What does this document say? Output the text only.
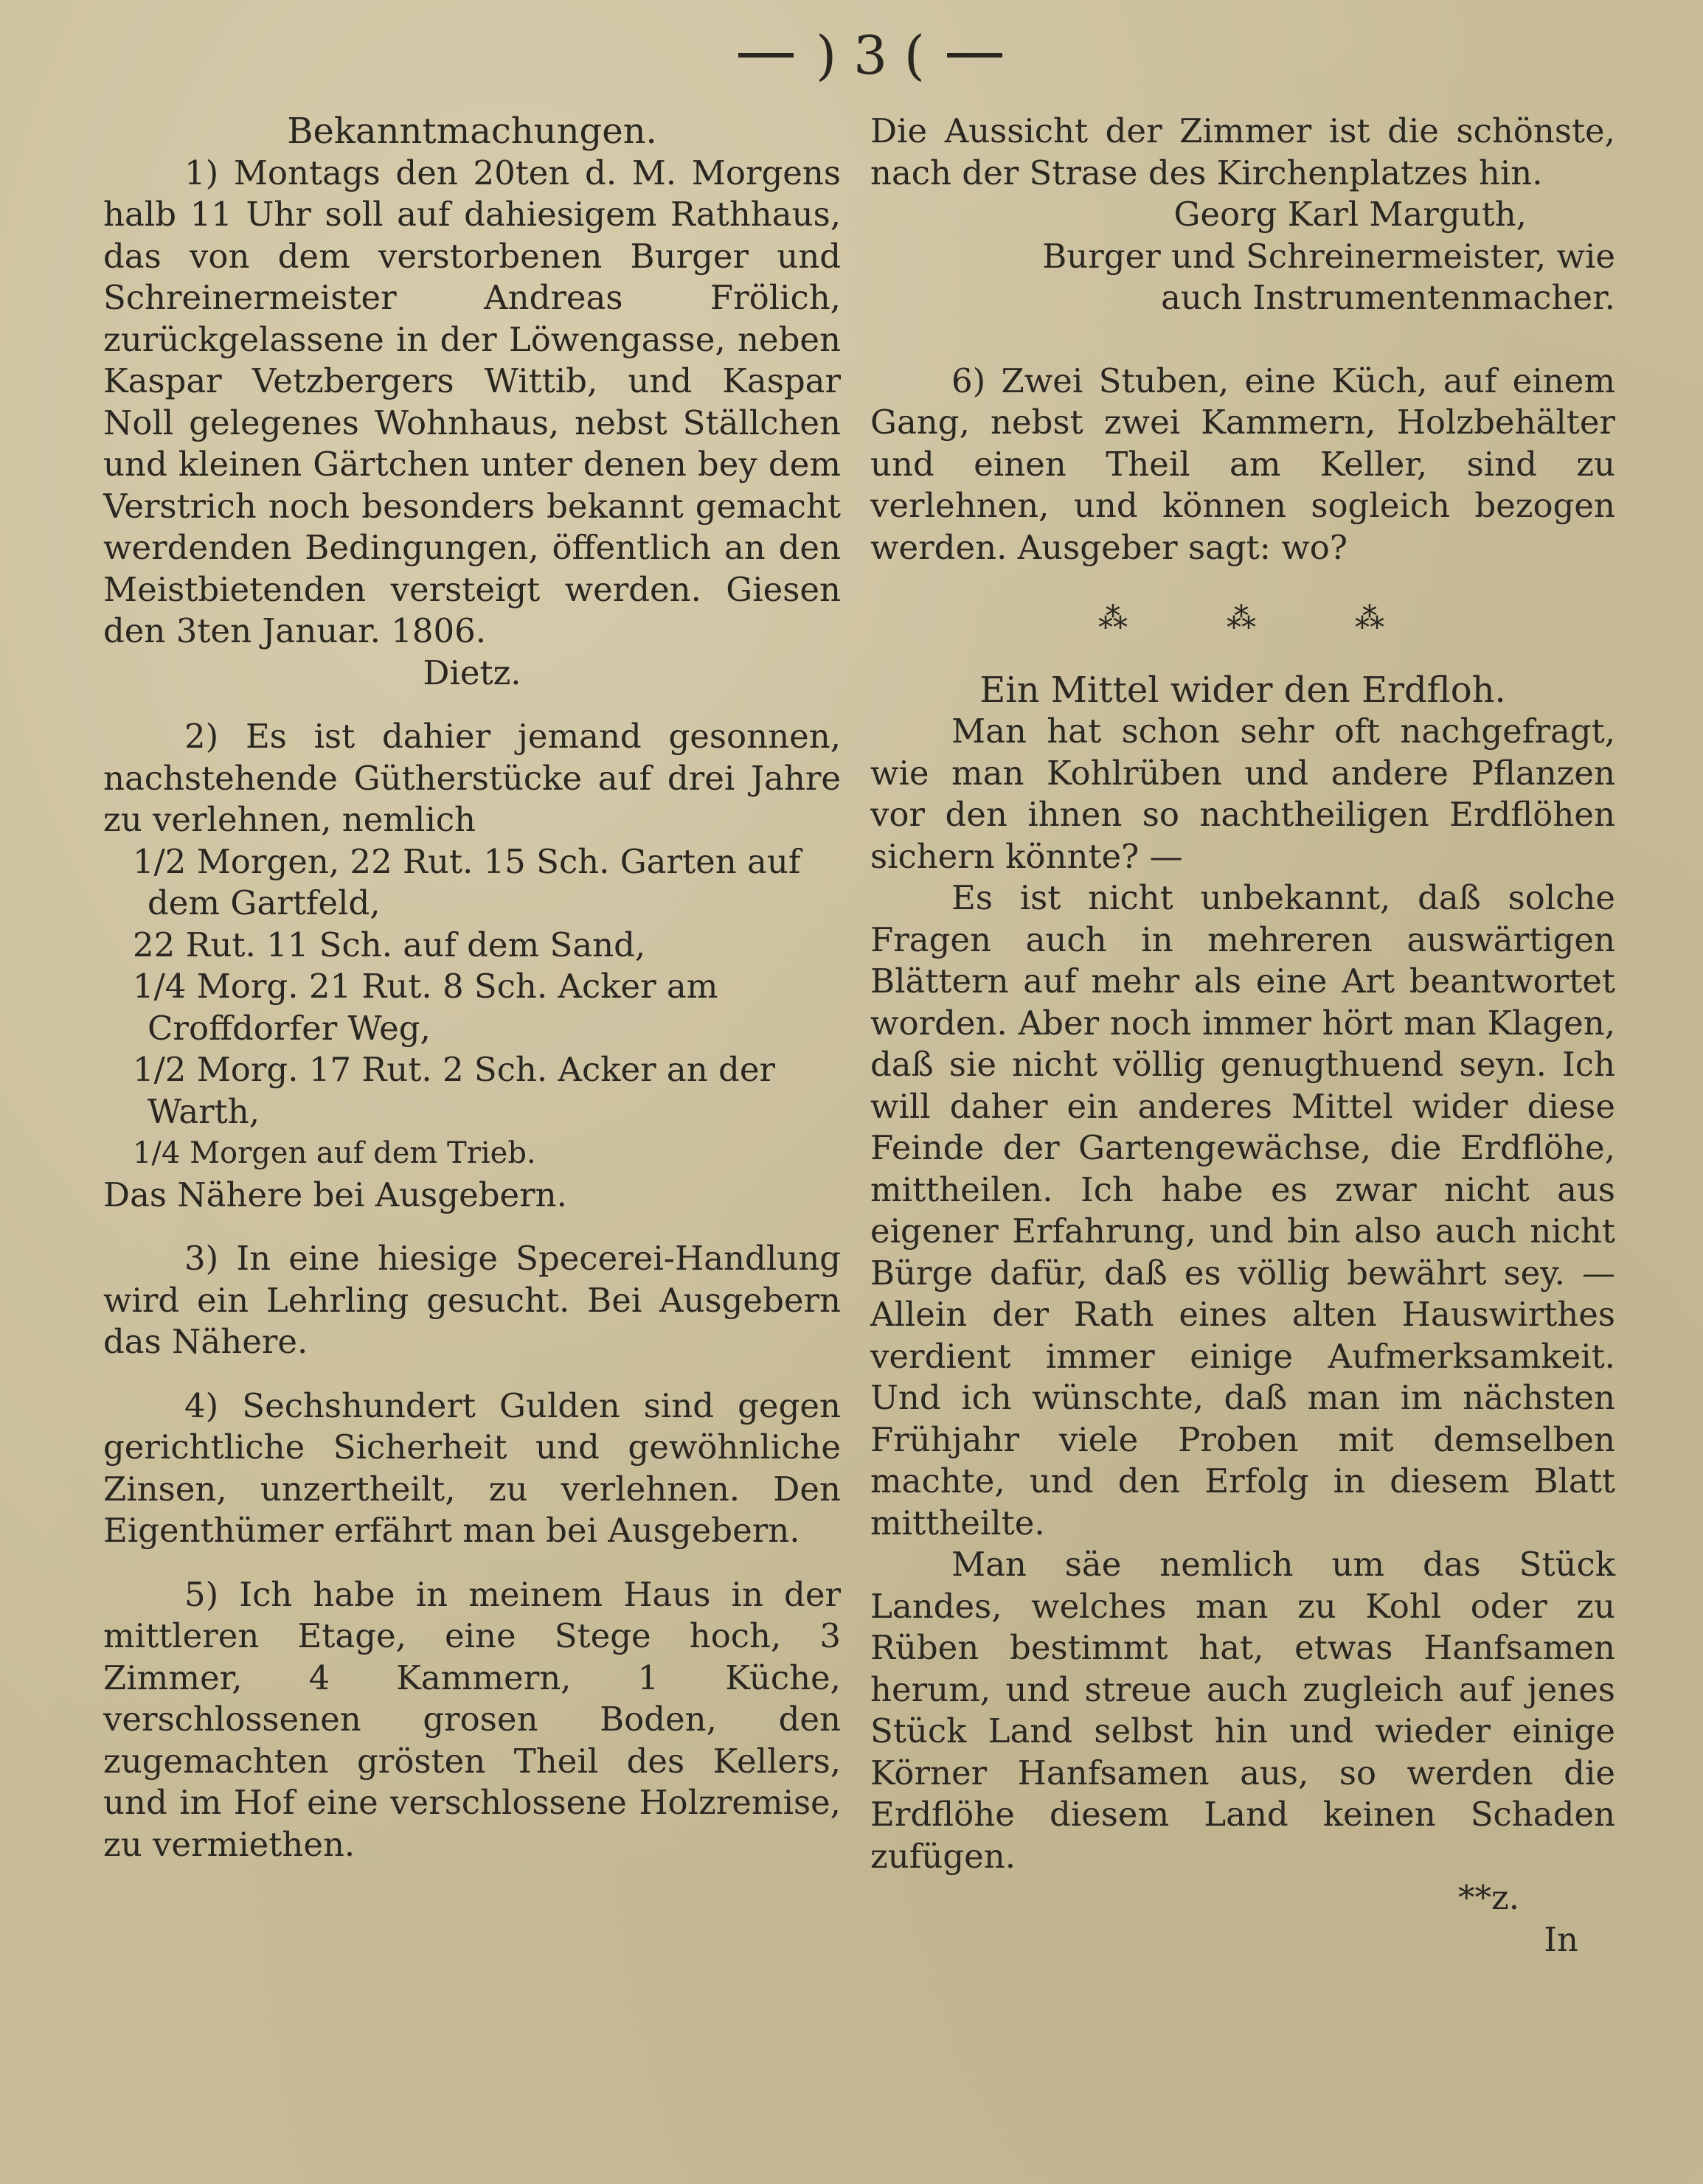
) 3 (

Bekanntmachungen.

1) Montags den 20ten d. M. Morgens halb 11 Uhr soll auf dahiesigem Rathhaus, das von dem verstorbenen Burger und Schreinermeister Andreas Frölich, zurückgelassene in der Löwengasse, neben Kaspar Vetzbergers Wittib, und Kaspar Noll gelegenes Wohnhaus, nebst Ställchen und kleinen Gärtchen unter denen bey dem Verstrich noch besonders bekannt gemacht werdenden Bedingungen, öffentlich an den Meistbietenden versteigt werden. Giesen den 3ten Januar. 1806.

Dietz.

2) Es ist dahier jemand gesonnen, nachstehende Gütherstücke auf drei Jahre zu verlehnen, nemlich

1/2 Morgen, 22 Rut. 15 Sch. Garten auf dem Gartfeld,

22 Rut. 11 Sch. auf dem Sand,

1/4 Morg. 21 Rut. 8 Sch. Acker am Croffdorfer Weg,

1/2 Morg. 17 Rut. 2 Sch. Acker an der Warth,

1/4 Morgen auf dem Trieb.

Das Nähere bei Ausgebern.

3) In eine hiesige Specerei-Handlung wird ein Lehrling gesucht. Bei Ausgebern das Nähere.

4) Sechshundert Gulden sind gegen gerichtliche Sicherheit und gewöhnliche Zinsen, unzertheilt, zu verlehnen. Den Eigenthümer erfährt man bei Ausgebern.

5) Ich habe in meinem Haus in der mittleren Etage, eine Stege hoch, 3 Zimmer, 4 Kammern, 1 Küche, verschlossenen grosen Boden, den zugemachten grösten Theil des Kellers, und im Hof eine verschlossene Holzremise, zu vermiethen.

Die Aussicht der Zimmer ist die schönste, nach der Strase des Kirchenplatzes hin.

Georg Karl Marguth,

Burger und Schreinermeister, wie

auch Instrumentenmacher.

6) Zwei Stuben, eine Küch, auf einem Gang, nebst zwei Kammern, Holzbehälter und einen Theil am Keller, sind zu verlehnen, und können sogleich bezogen werden. Ausgeber sagt: wo?

⁂	⁂	⁂

Ein Mittel wider den Erdfloh.

Man hat schon sehr oft nachgefragt, wie man Kohlrüben und andere Pflanzen vor den ihnen so nachtheiligen Erdflöhen sichern könnte? —

Es ist nicht unbekannt, daß solche Fragen auch in mehreren auswärtigen Blättern auf mehr als eine Art beantwortet worden. Aber noch immer hört man Klagen, daß sie nicht völlig genugthuend seyn. Ich will daher ein anderes Mittel wider diese Feinde der Gartengewächse, die Erdflöhe, mittheilen. Ich habe es zwar nicht aus eigener Erfahrung, und bin also auch nicht Bürge dafür, daß es völlig bewährt sey. — Allein der Rath eines alten Hauswirthes verdient immer einige Aufmerksamkeit. Und ich wünschte, daß man im nächsten Frühjahr viele Proben mit demselben machte, und den Erfolg in diesem Blatt mittheilte.

Man säe nemlich um das Stück Landes, welches man zu Kohl oder zu Rüben bestimmt hat, etwas Hanfsamen herum, und streue auch zugleich auf jenes Stück Land selbst hin und wieder einige Körner Hanfsamen aus, so werden die Erdflöhe diesem Land keinen Schaden zufügen.

**z.

In
